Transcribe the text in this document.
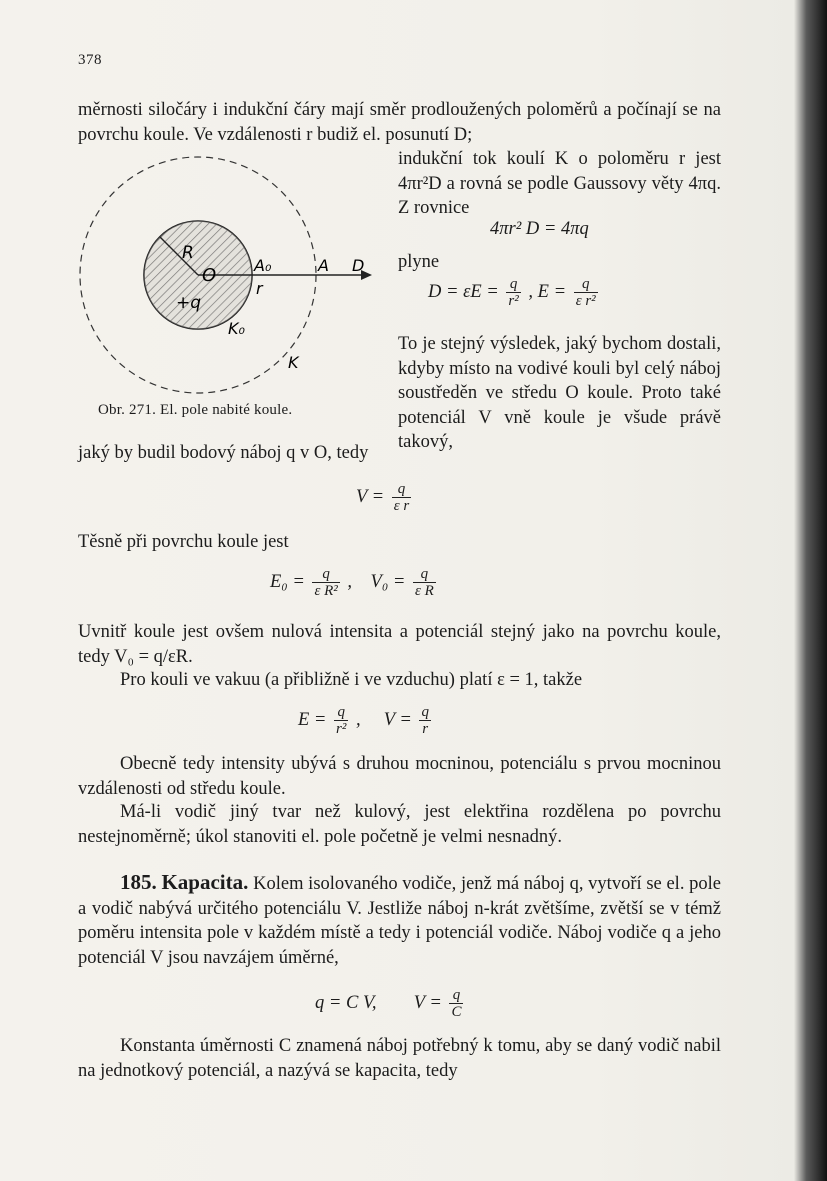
378
měrnosti siločáry i indukční čáry mají směr prodloužených poloměrů a počínají se na povrchu koule. Ve vzdálenosti r budiž el. posunutí D;
R
O
+q
A₀	A D
r
K₀
K
indukční tok koulí K o poloměru r jest 4πr²D a rovná se podle Gaussovy věty 4πq. Z rovnice
4πr² D = 4πq
plyne
$D = \varepsilon E = \frac{q}{\text{r²}}$ , $E = \frac{q}{\text{ε r²}}$
To je stejný výsledek, jaký bychom dostali, kdyby místo na vodivé kouli byl celý náboj soustředěn ve středu O koule. Proto také potenciál V vně koule je všude právě takový,
Obr. 271. El. pole nabité koule.
jaký by budil bodový náboj q v O, tedy
$V = \frac{q}{\text{ε r}}$
Těsně při povrchu koule jest
$E_0 = \frac{q}{\text{ε R²}}$ ,    $V_0 = \frac{q}{\text{ε R}}$
Uvnitř koule jest ovšem nulová intensita a potenciál stejný jako na povrchu koule, tedy V₀ = q/εR.
Pro kouli ve vakuu (a přibližně i ve vzduchu) platí ε = 1, takže
$E = \frac{q}{\text{r²}}$ ,     $V = \frac{q}{r}$
Obecně tedy intensity ubývá s druhou mocninou, potenciálu s prvou mocninou vzdálenosti od středu koule.
Má-li vodič jiný tvar než kulový, jest elektřina rozdělena po povrchu nestejnoměrně; úkol stanoviti el. pole početně je velmi nesnadný.
185. Kapacita. Kolem isolovaného vodiče, jenž má náboj q, vytvoří se el. pole a vodič nabývá určitého potenciálu V. Jestliže náboj n-krát zvětšíme, zvětší se v témž poměru intensita pole v každém místě a tedy i potenciál vodiče. Náboj vodiče q a jeho potenciál V jsou navzájem úměrné,
q = C V, $V = \frac{q}{C}$
Konstanta úměrnosti C znamená náboj potřebný k tomu, aby se daný vodič nabil na jednotkový potenciál, a nazývá se kapacita, tedy
